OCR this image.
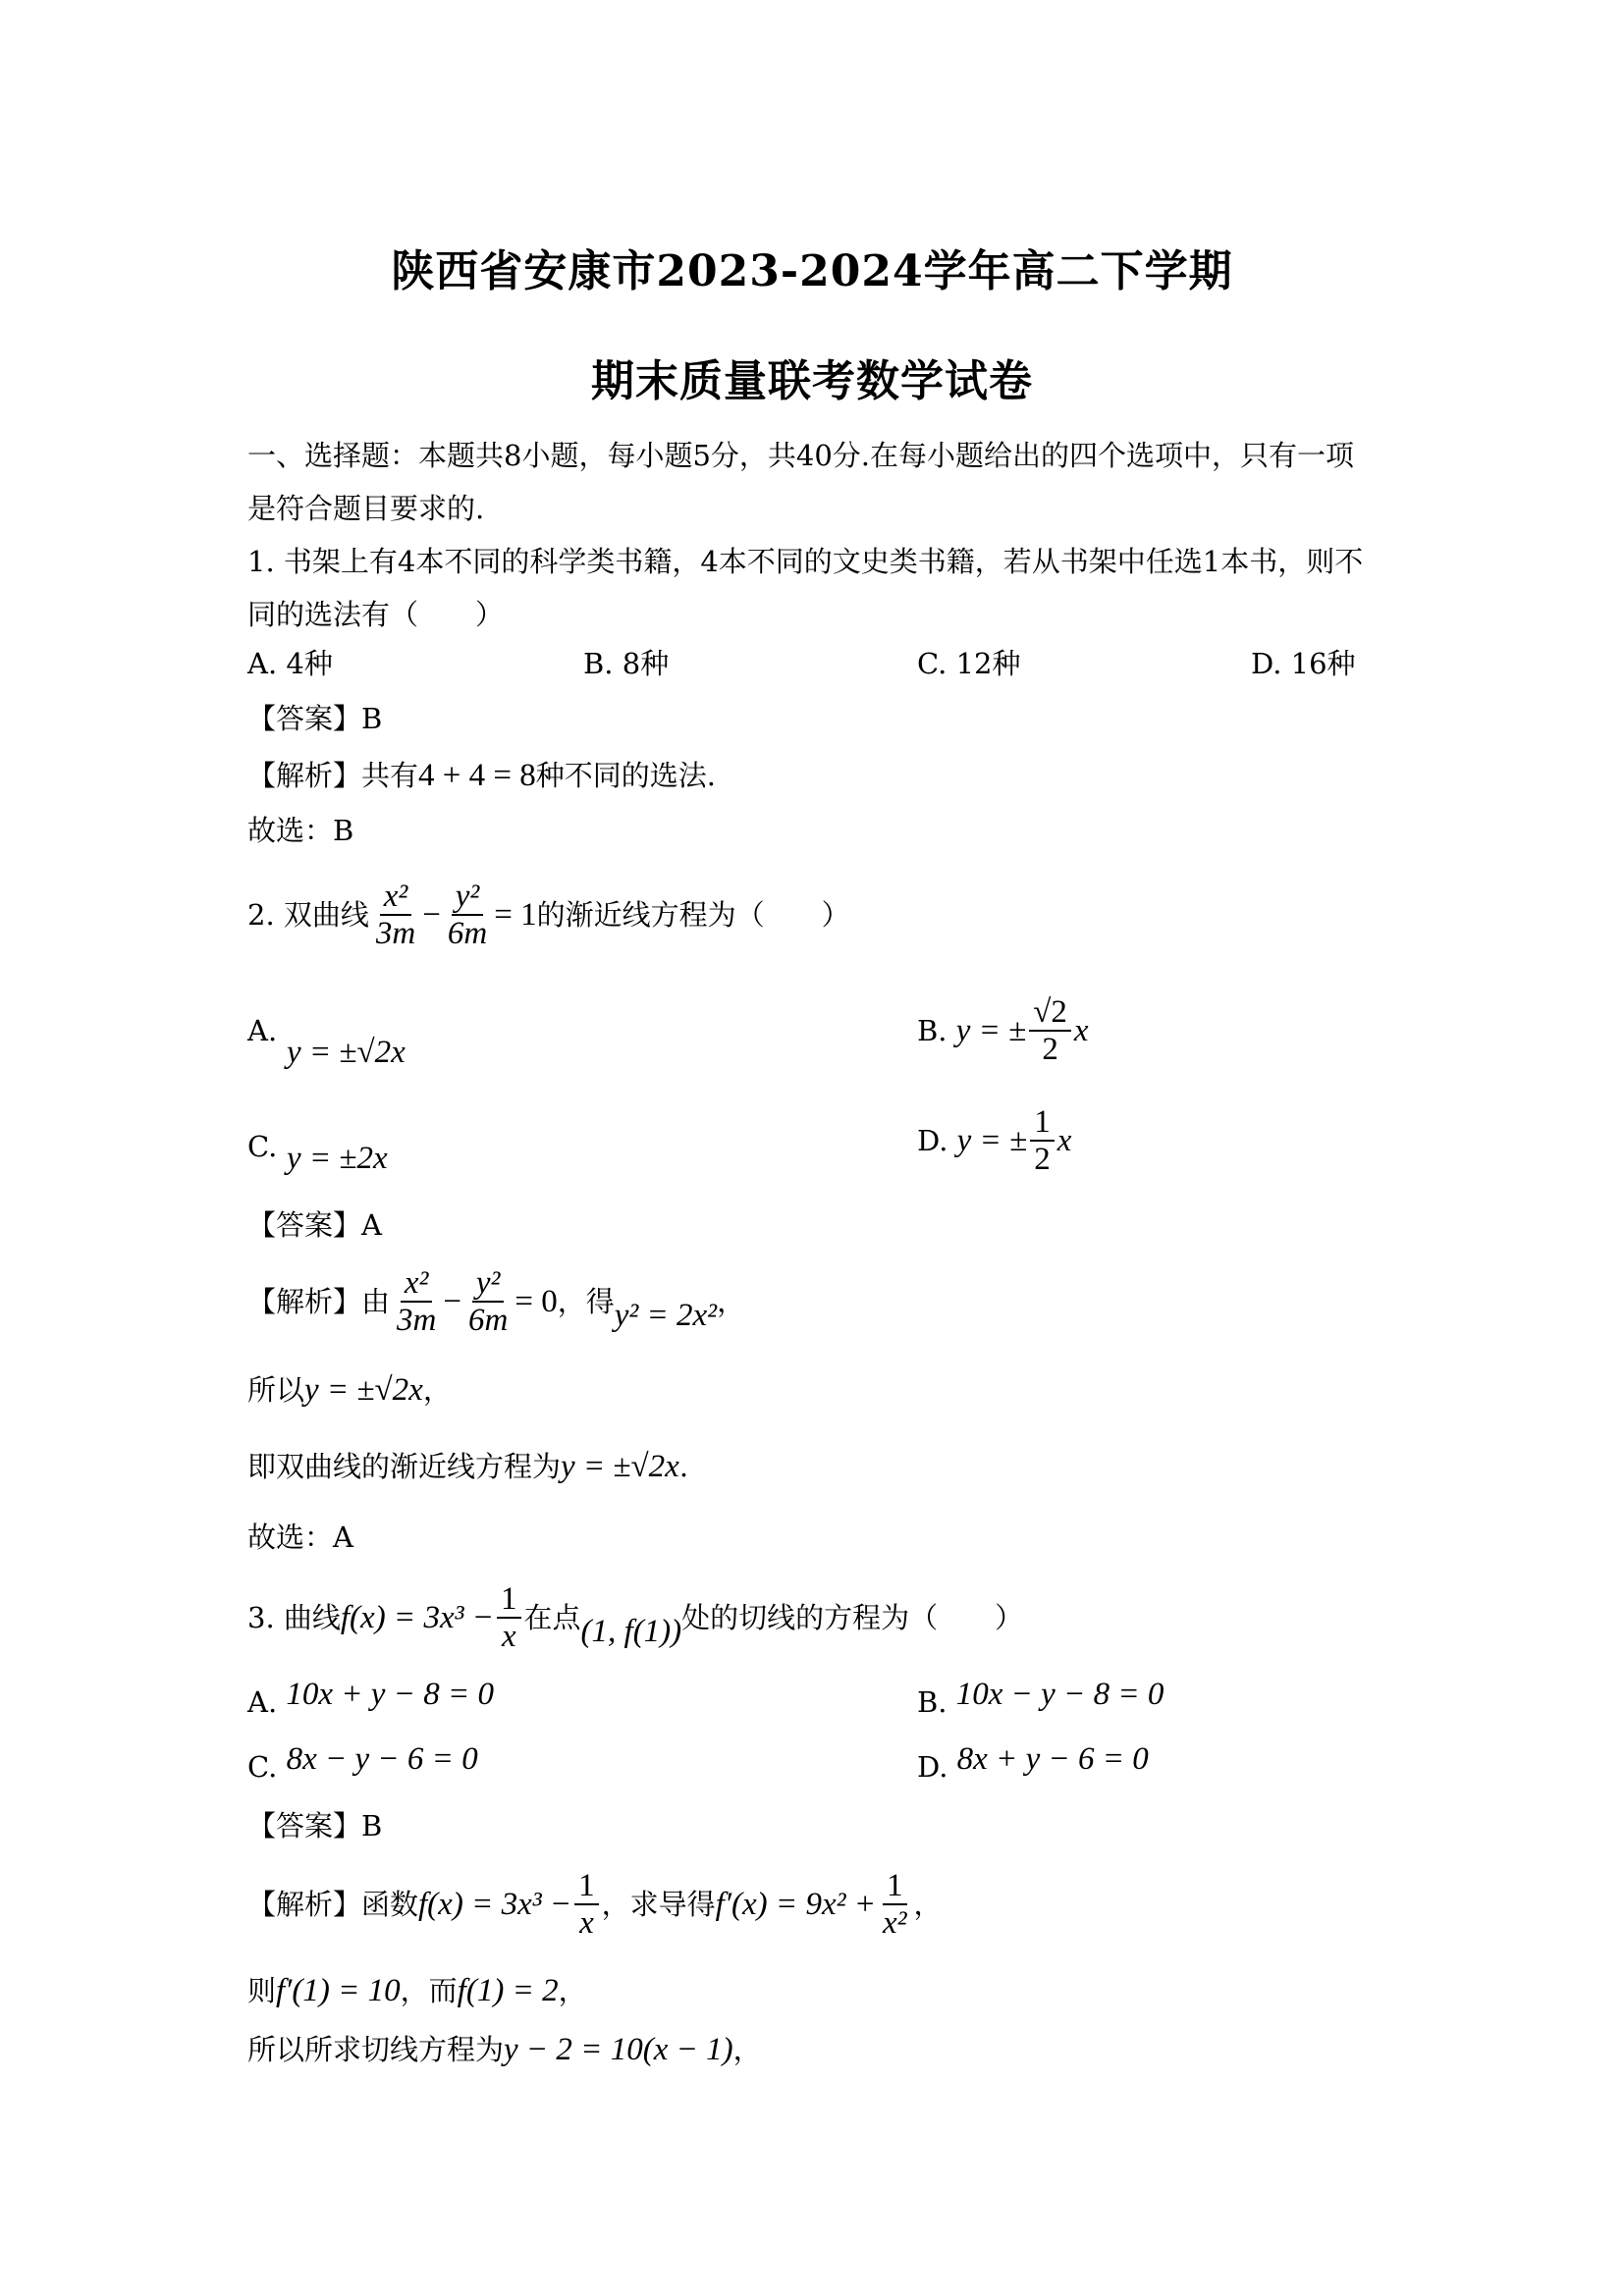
陕西省安康市2023-2024学年高二下学期
期末质量联考数学试卷
一、选择题：本题共8小题，每小题5分，共40分.在每小题给出的四个选项中，只有一项
是符合题目要求的.
1. 书架上有4本不同的科学类书籍，4本不同的文史类书籍，若从书架中任选1本书，则不
同的选法有（　　）
A. 4种	B. 8种	C. 12种	D. 16种
【答案】B
【解析】共有4 + 4 = 8种不同的选法.
故选：B
2. 双曲线 $\frac{\text{x²}}{3m} - \frac{\text{y²}}{6m} = 1$ 的渐近线方程为（　　）
A.
y = ±√2x
B.
y = ± $\frac{√2}{2}$ x
C. y = ±2x	D.
y = ± $\frac{1}{2}$ x
【答案】A
【解析】由 $\frac{\text{x²}}{3m} - \frac{\text{y²}}{6m} = 0$ ，得 y² = 2x² ，
所以y = ±√2x，
即双曲线的渐近线方程为y = ±√2x.
故选：A
3. 曲线 $f(x) = 3x^3 - \frac{1}{x}$ 在点 (1, f(1)) 处的切线的方程为（　　）
A. 10x + y − 8 = 0	B. 10x − y − 8 = 0
C. 8x − y − 6 = 0	D. 8x + y − 6 = 0
【答案】B
【解析】函数 $f(x) = 3x^3 - \frac{1}{x}$ ，求导得 $f'(x) = 9x^2 + \frac{1}{\text{x²}}$ ，
则f′(1) = 10，而f(1) = 2，
所以所求切线方程为y − 2 = 10(x − 1)，
